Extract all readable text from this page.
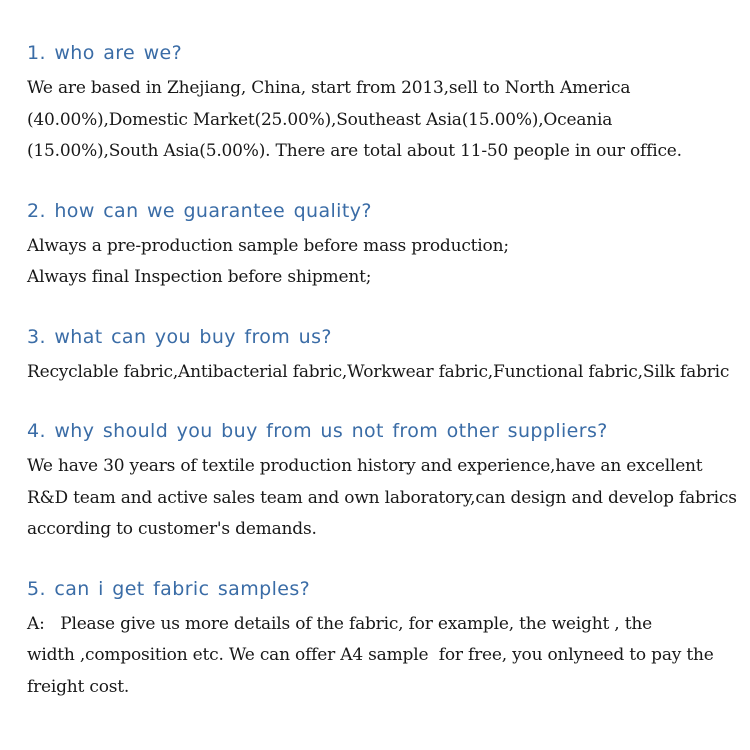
1. who are we?
We are based in Zhejiang, China, start from 2013,sell to North America
(40.00%),Domestic Market(25.00%),Southeast Asia(15.00%),Oceania
(15.00%),South Asia(5.00%). There are total about 11-50 people in our office.
2. how can we guarantee quality?
Always a pre-production sample before mass production;
Always final Inspection before shipment;
3. what can you buy from us?
Recyclable fabric,Antibacterial fabric,Workwear fabric,Functional fabric,Silk fabric
4. why should you buy from us not from other suppliers?
We have 30 years of textile production history and experience,have an excellent
R&D team and active sales team and own laboratory,can design and develop fabrics
according to customer's demands.
5. can i get fabric samples?
A:   Please give us more details of the fabric, for example, the weight , the
width ,composition etc. We can offer A4 sample  for free, you onlyneed to pay the
freight cost.
